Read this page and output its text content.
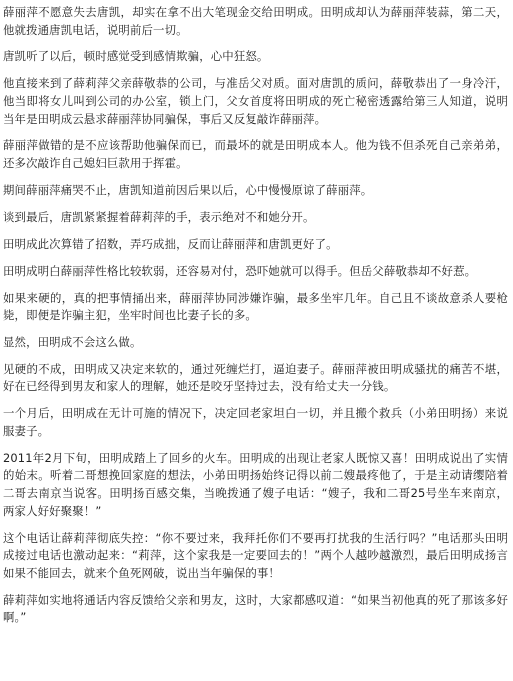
薛丽萍不愿意失去唐凯，却实在拿不出大笔现金交给田明成。田明成却认为薛丽萍装蒜，第二天，他就拨通唐凯电话，说明前后一切。

唐凯听了以后，顿时感觉受到感情欺骗，心中狂怒。

他直接来到了薛莉萍父亲薛敬恭的公司，与准岳父对质。面对唐凯的质问，薛敬恭出了一身冷汗，他当即将女儿叫到公司的办公室，锁上门，父女首度将田明成的死亡秘密透露给第三人知道，说明当年是田明成云悬求薛丽萍协同骗保，事后又反复敲诈薛丽萍。

薛丽萍做错的是不应该帮助他骗保而已，而最坏的就是田明成本人。他为钱不但杀死自己亲弟弟，还多次敲诈自己媳妇巨款用于挥霍。

期间薛丽萍痛哭不止，唐凯知道前因后果以后，心中慢慢原谅了薛丽萍。

谈到最后，唐凯紧紧握着薛莉萍的手，表示绝对不和她分开。

田明成此次算错了招数，弄巧成拙，反而让薛丽萍和唐凯更好了。

田明成明白薛丽萍性格比较软弱，还容易对付，恐吓她就可以得手。但岳父薛敬恭却不好惹。

如果来硬的，真的把事情捅出来，薛丽萍协同涉嫌诈骗，最多坐牢几年。自己且不谈故意杀人要枪毙，即便是诈骗主犯，坐牢时间也比妻子长的多。

显然，田明成不会这么做。

见硬的不成，田明成又决定来软的，通过死缠烂打，逼迫妻子。薛丽萍被田明成骚扰的痛苦不堪，好在已经得到男友和家人的理解，她还是咬牙坚持过去，没有给丈夫一分钱。

一个月后，田明成在无计可施的情况下，决定回老家坦白一切，并且搬个救兵（小弟田明扬）来说服妻子。

2011年2月下旬，田明成踏上了回乡的火车。田明成的出现让老家人既惊又喜！田明成说出了实情的始末。听着二哥想挽回家庭的想法，小弟田明扬始终记得以前二嫂最疼他了，于是主动请缨陪着二哥去南京当说客。田明扬百感交集，当晚拨通了嫂子电话：“嫂子，我和二哥25号坐车来南京，两家人好好聚聚！”

这个电话让薛莉萍彻底失控：“你不要过来，我拜托你们不要再打扰我的生活行吗？”电话那头田明成接过电话也激动起来：“莉萍，这个家我是一定要回去的！”两个人越吵越激烈，最后田明成扬言如果不能回去，就来个鱼死网破，说出当年骗保的事！

薛莉萍如实地将通话内容反馈给父亲和男友，这时，大家都感叹道：“如果当初他真的死了那该多好啊。”
